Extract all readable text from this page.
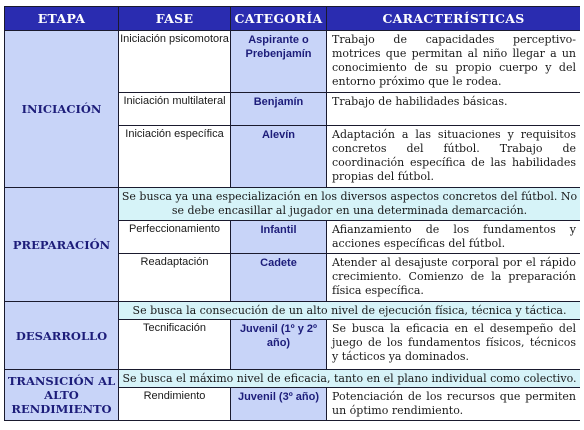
ETAPA	FASE	CATEGORÍA	CARACTERÍSTICAS
INICIACIÓN	Iniciación psicomotora	Aspirante o Prebenjamín	Trabajo de capacidades perceptivo-motrices que permitan al niño llegar a un conocimiento de su propio cuerpo y del entorno próximo que le rodea.
	Iniciación multilateral	Benjamín	Trabajo de habilidades básicas.
	Iniciación específica	Alevín	Adaptación a las situaciones y requisitos concretos del fútbol. Trabajo de coordinación específica de las habilidades propias del fútbol.
PREPARACIÓN	Se busca ya una especialización en los diversos aspectos concretos del fútbol. No se debe encasillar al jugador en una determinada demarcación.		
	Perfeccionamiento	Infantil	Afianzamiento de los fundamentos y acciones específicas del fútbol.
	Readaptación	Cadete	Atender al desajuste corporal por el rápido crecimiento. Comienzo de la preparación física específica.
DESARROLLO	Se busca la consecución de un alto nivel de ejecución física, técnica y táctica.		
	Tecnificación	Juvenil (1º y 2º año)	Se busca la eficacia en el desempeño del juego de los fundamentos físicos, técnicos y tácticos ya dominados.
TRANSICIÓN AL ALTO RENDIMIENTO	Se busca el máximo nivel de eficacia, tanto en el plano individual como colectivo.		
	Rendimiento	Juvenil (3º año)	Potenciación de los recursos que permiten un óptimo rendimiento.
